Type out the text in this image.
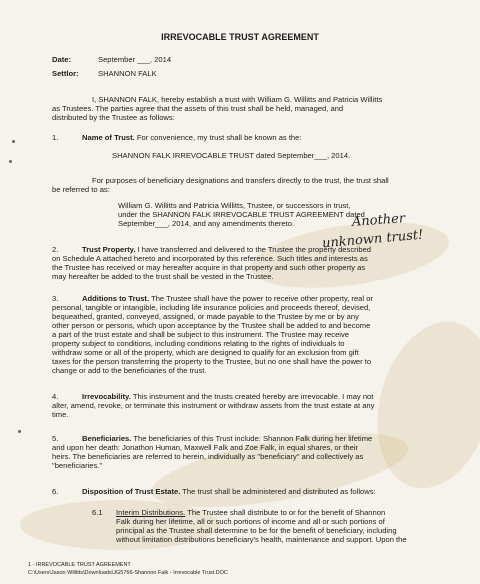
IRREVOCABLE TRUST AGREEMENT
Date:	September ___, 2014
Settlor:	SHANNON FALK
I, SHANNON FALK, hereby establish a trust with William G. Willitts and Patricia Willitts
as Trustees. The parties agree that the assets of this trust shall be held, managed, and
distributed by the Trustee as follows:
1.	Name of Trust. For convenience, my trust shall be known as the:
SHANNON FALK IRREVOCABLE TRUST dated September___, 2014.
For purposes of beneficiary designations and transfers directly to the trust, the trust shall
be referred to as:
William G. Willitts and Patricia Willitts, Trustee, or successors in trust,
under the SHANNON FALK IRREVOCABLE TRUST AGREEMENT dated
September___, 2014, and any amendments thereto.	Another
unknown trust!
2.	Trust Property. I have transferred and delivered to the Trustee the property described
on Schedule A attached hereto and incorporated by this reference. Such titles and interests as
the Trustee has received or may hereafter acquire in that property and such other property as
may hereafter be added to the trust shall be vested in the Trustee.
3.	Additions to Trust. The Trustee shall have the power to receive other property, real or
personal, tangible or intangible, including life insurance policies and proceeds thereof, devised,
bequeathed, granted, conveyed, assigned, or made payable to the Trustee by me or by any
other person or persons, which upon acceptance by the Trustee shall be added to and become
a part of the trust estate and shall be subject to this instrument. The Trustee may receive
property subject to conditions, including conditions relating to the rights of individuals to
withdraw some or all of the property, which are designed to qualify for an exclusion from gift
taxes for the person transferring the property to the Trustee, but no one shall have the power to
change or add to the beneficiaries of the trust.
4.	Irrevocability. This instrument and the trusts created hereby are irrevocable. I may not
alter, amend, revoke, or terminate this instrument or withdraw assets from the trust estate at any
time.
5.	Beneficiaries. The beneficiaries of this Trust include: Shannon Falk during her lifetime
and upon her death: Jonathon Human, Maxwell Falk and Zoe Falk, in equal shares, or their
heirs. The beneficiaries are referred to herein, individually as "beneficiary" and collectively as
"beneficiaries."
6.	Disposition of Trust Estate. The trust shall be administered and distributed as follows:
6.1 Interim Distributions. The Trustee shall distribute to or for the benefit of Shannon
Falk during her lifetime, all or such portions of income and all or such portions of
principal as the Trustee shall determine to be for the benefit of beneficiary, including
without limitation distributions beneficiary's health, maintenance and support. Upon the
1 - IRREVOCABLE TRUST AGREEMENT
C:\Users\Jason Willitts\Downloads\JG5766-Shannon Falk - Irrevocable Trust.DOC
